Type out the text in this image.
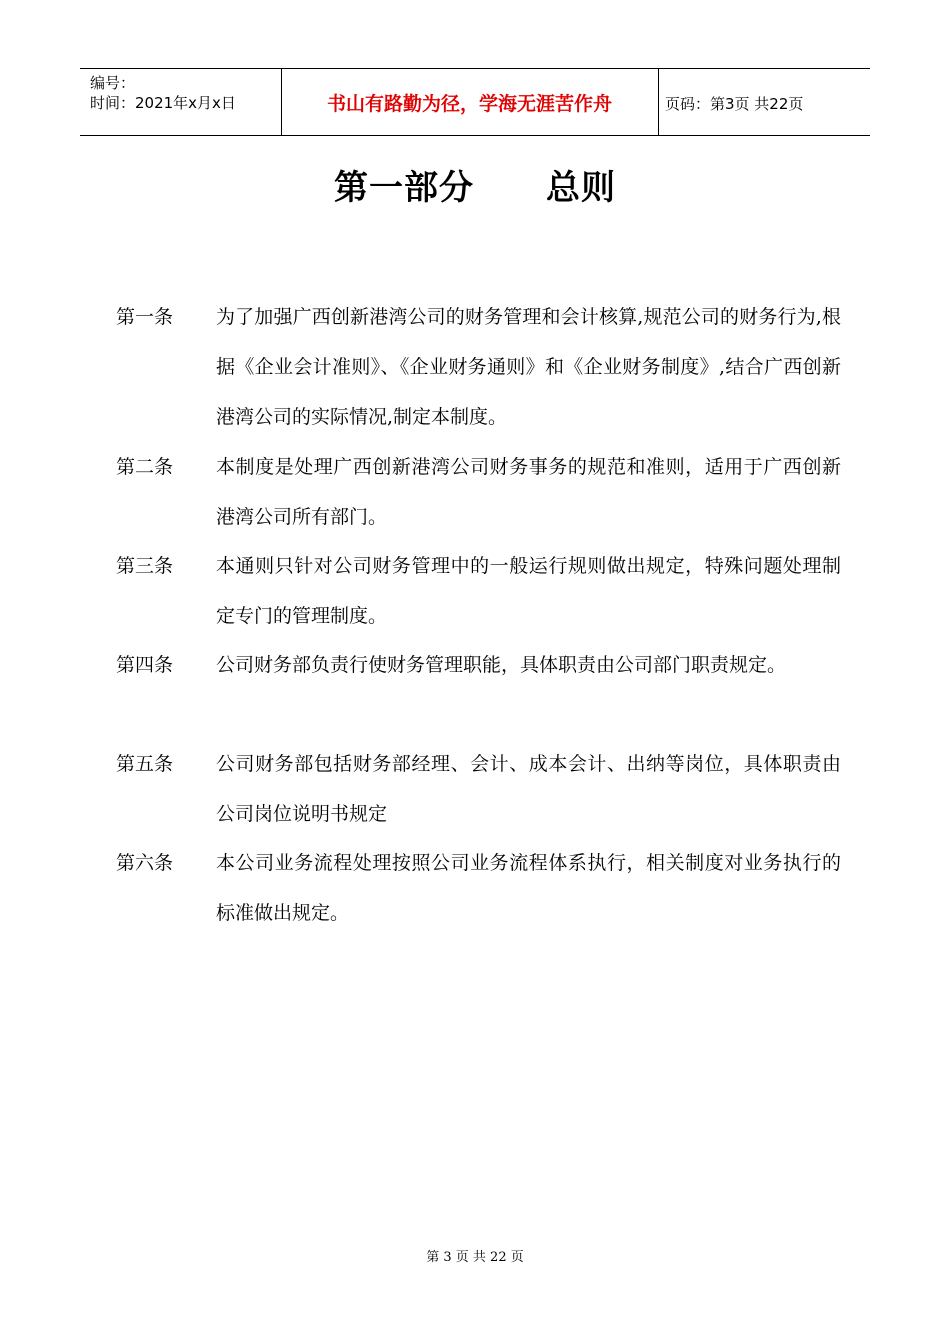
编号：
时间：2021年x月x日	书山有路勤为径，学海无涯苦作舟	页码：第3页 共22页
第一部分 总则
第一条 为了加强广西创新港湾公司的财务管理和会计核算,规范公司的财务行为,根据《企业会计准则》、《企业财务通则》和《企业财务制度》,结合广西创新港湾公司的实际情况,制定本制度。
第二条 本制度是处理广西创新港湾公司财务事务的规范和准则，适用于广西创新港湾公司所有部门。
第三条 本通则只针对公司财务管理中的一般运行规则做出规定，特殊问题处理制定专门的管理制度。
第四条 公司财务部负责行使财务管理职能，具体职责由公司部门职责规定。
第五条 公司财务部包括财务部经理、会计、成本会计、出纳等岗位，具体职责由公司岗位说明书规定
第六条 本公司业务流程处理按照公司业务流程体系执行，相关制度对业务执行的标准做出规定。
第 3 页 共 22 页
